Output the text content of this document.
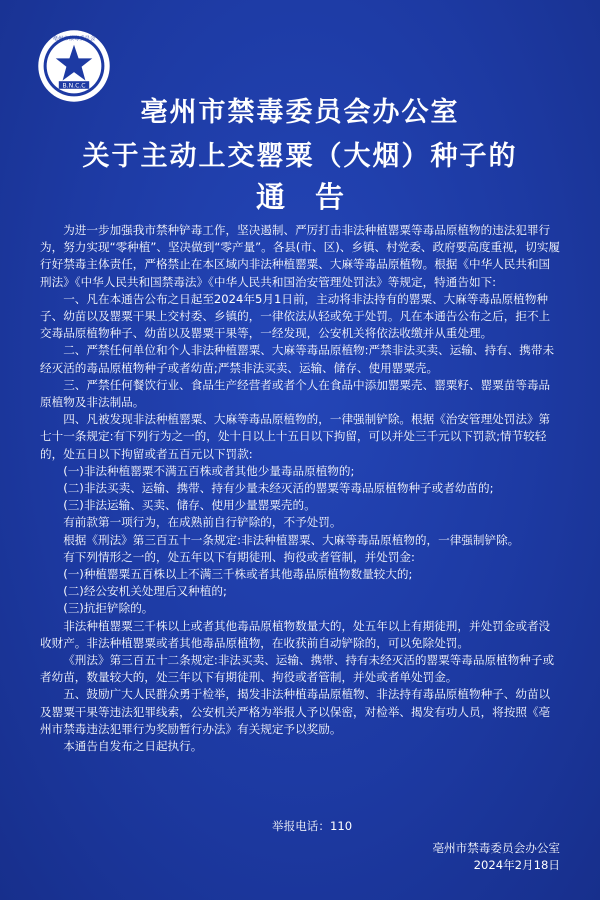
B.N.C.C
亳州市禁毒委员会
亳州市禁毒委员会办公室
关于主动上交罂粟（大烟）种子的
通告

为进一步加强我市禁种铲毒工作，坚决遏制、严厉打击非法种植罂粟等毒品原植物的违法犯罪行为，努力实现“零种植”、坚决做到“零产量”。各县(市、区)、乡镇、村党委、政府要高度重视，切实履行好禁毒主体责任，严格禁止在本区域内非法种植罂粟、大麻等毒品原植物。根据《中华人民共和国刑法》《中华人民共和国禁毒法》《中华人民共和国治安管理处罚法》等规定，特通告如下:

一、凡在本通告公布之日起至2024年5月1日前，主动将非法持有的罂粟、大麻等毒品原植物种子、幼苗以及罂粟干果上交村委、乡镇的，一律依法从轻或免于处罚。凡在本通告公布之后，拒不上交毒品原植物种子、幼苗以及罂粟干果等，一经发现，公安机关将依法收缴并从重处理。

二、严禁任何单位和个人非法种植罂粟、大麻等毒品原植物:严禁非法买卖、运输、持有、携带未经灭活的毒品原植物种子或者幼苗;严禁非法买卖、运输、储存、使用罂粟壳。

三、严禁任何餐饮行业、食品生产经营者或者个人在食品中添加罂粟壳、罂粟籽、罂粟苗等毒品原植物及非法制品。

四、凡被发现非法种植罂粟、大麻等毒品原植物的，一律强制铲除。根据《治安管理处罚法》第七十一条规定:有下列行为之一的，处十日以上十五日以下拘留，可以并处三千元以下罚款;情节较轻的，处五日以下拘留或者五百元以下罚款:

(一)非法种植罂粟不满五百株或者其他少量毒品原植物的;

(二)非法买卖、运输、携带、持有少量未经灭活的罂粟等毒品原植物种子或者幼苗的;

(三)非法运输、买卖、储存、使用少量罂粟壳的。

有前款第一项行为，在成熟前自行铲除的，不予处罚。

根据《刑法》第三百五十一条规定:非法种植罂粟、大麻等毒品原植物的，一律强制铲除。

有下列情形之一的，处五年以下有期徒刑、拘役或者管制，并处罚金:

(一)种植罂粟五百株以上不满三千株或者其他毒品原植物数量较大的;

(二)经公安机关处理后又种植的;

(三)抗拒铲除的。

非法种植罂粟三千株以上或者其他毒品原植物数量大的，处五年以上有期徒刑，并处罚金或者没收财产。非法种植罂粟或者其他毒品原植物，在收获前自动铲除的，可以免除处罚。

《刑法》第三百五十二条规定:非法买卖、运输、携带、持有未经灭活的罂粟等毒品原植物种子或者幼苗，数量较大的，处三年以下有期徒刑、拘役或者管制，并处或者单处罚金。

五、鼓励广大人民群众勇于检举，揭发非法种植毒品原植物、非法持有毒品原植物种子、幼苗以及罂粟干果等违法犯罪线索，公安机关严格为举报人予以保密，对检举、揭发有功人员，将按照《亳州市禁毒违法犯罪行为奖励暂行办法》有关规定予以奖励。

本通告自发布之日起执行。

举报电话：110
亳州市禁毒委员会办公室
2024年2月18日
